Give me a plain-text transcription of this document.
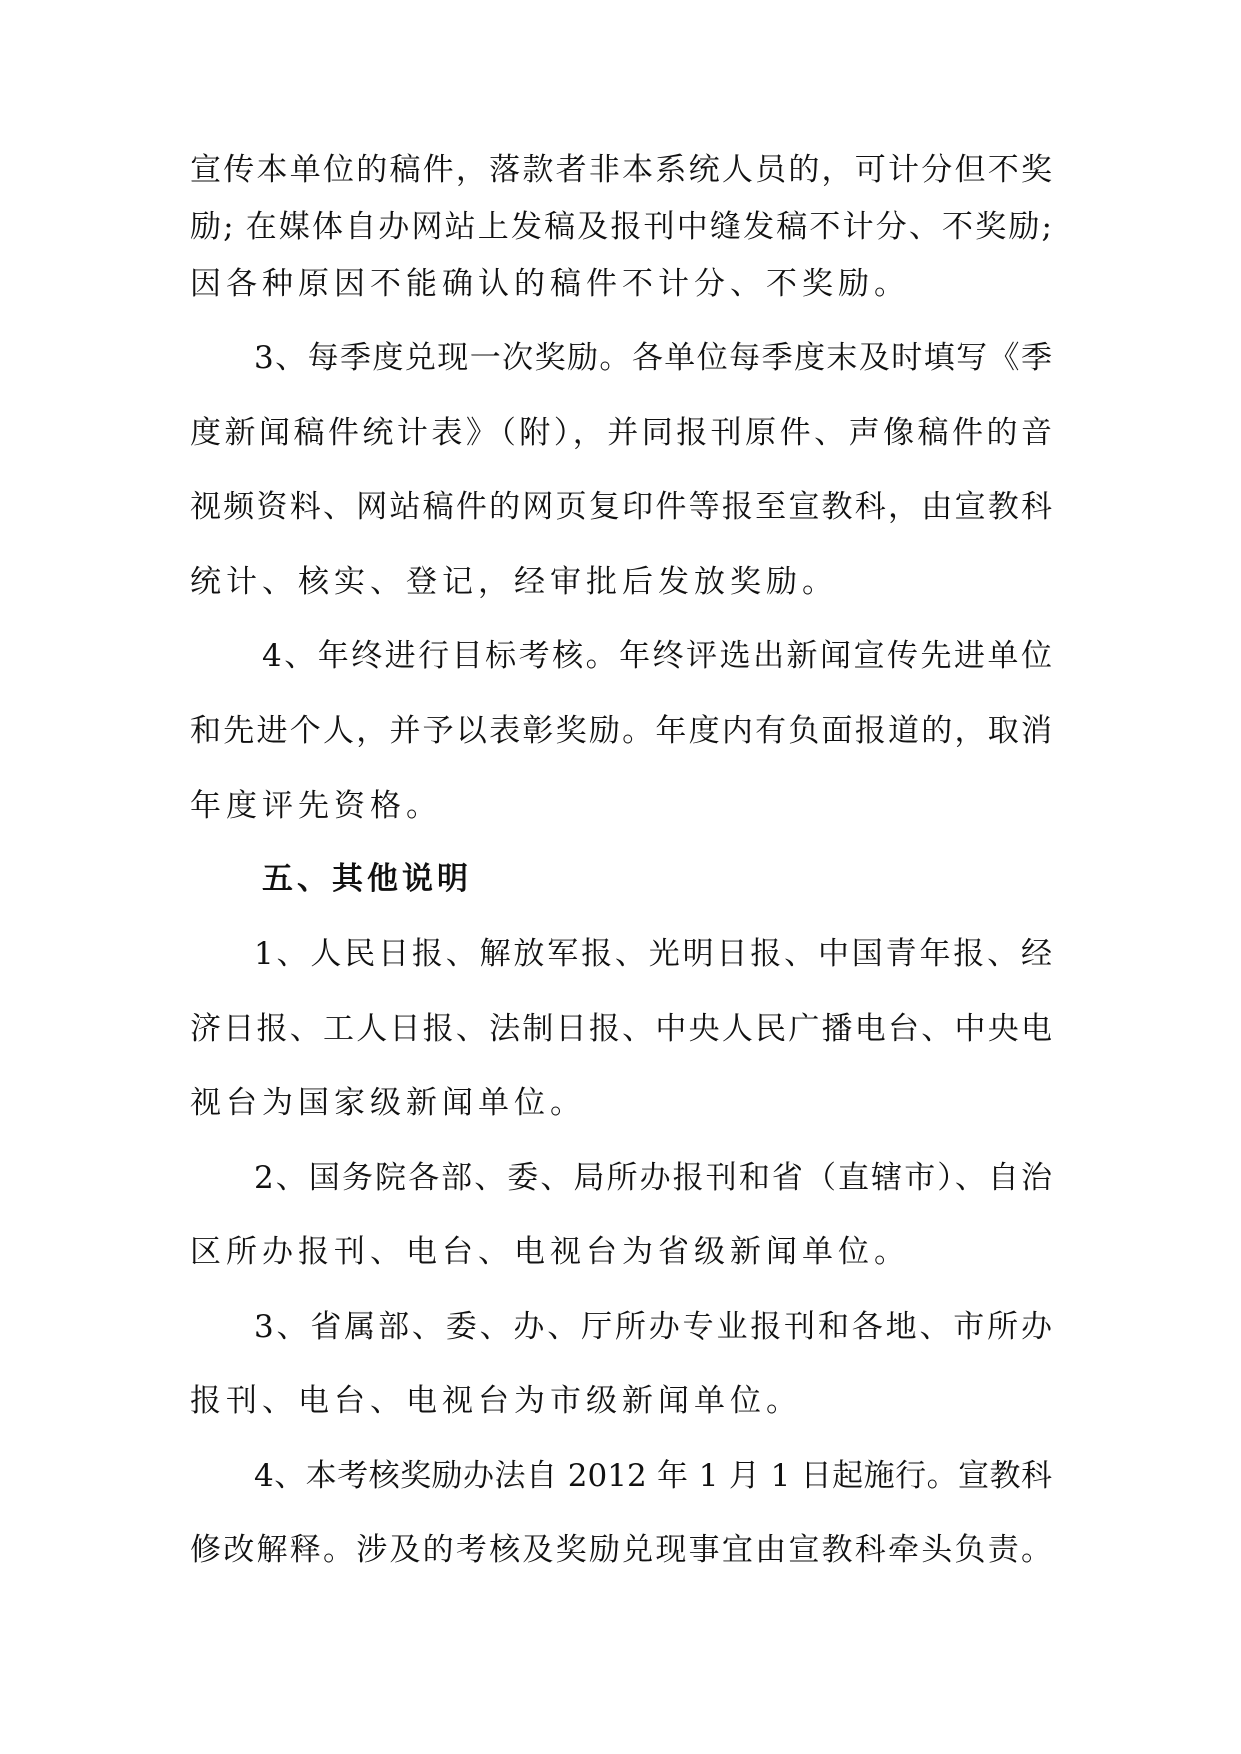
宣传本单位的稿件，落款者非本系统人员的，可计分但不奖
励; 在媒体自办网站上发稿及报刊中缝发稿不计分、不奖励;
因各种原因不能确认的稿件不计分、不奖励。
3、每季度兑现一次奖励。各单位每季度末及时填写《季
度新闻稿件统计表》（附），并同报刊原件、声像稿件的音
视频资料、网站稿件的网页复印件等报至宣教科，由宣教科
统计、核实、登记，经审批后发放奖励。
4、年终进行目标考核。年终评选出新闻宣传先进单位
和先进个人，并予以表彰奖励。年度内有负面报道的，取消
年度评先资格。
五、其他说明
1、人民日报、解放军报、光明日报、中国青年报、经
济日报、工人日报、法制日报、中央人民广播电台、中央电
视台为国家级新闻单位。
2、国务院各部、委、局所办报刊和省（直辖市）、自治
区所办报刊、电台、电视台为省级新闻单位。
3、省属部、委、办、厅所办专业报刊和各地、市所办
报刊、电台、电视台为市级新闻单位。
4、本考核奖励办法自 2012 年 1 月 1 日起施行。宣教科
修改解释。涉及的考核及奖励兑现事宜由宣教科牵头负责。
